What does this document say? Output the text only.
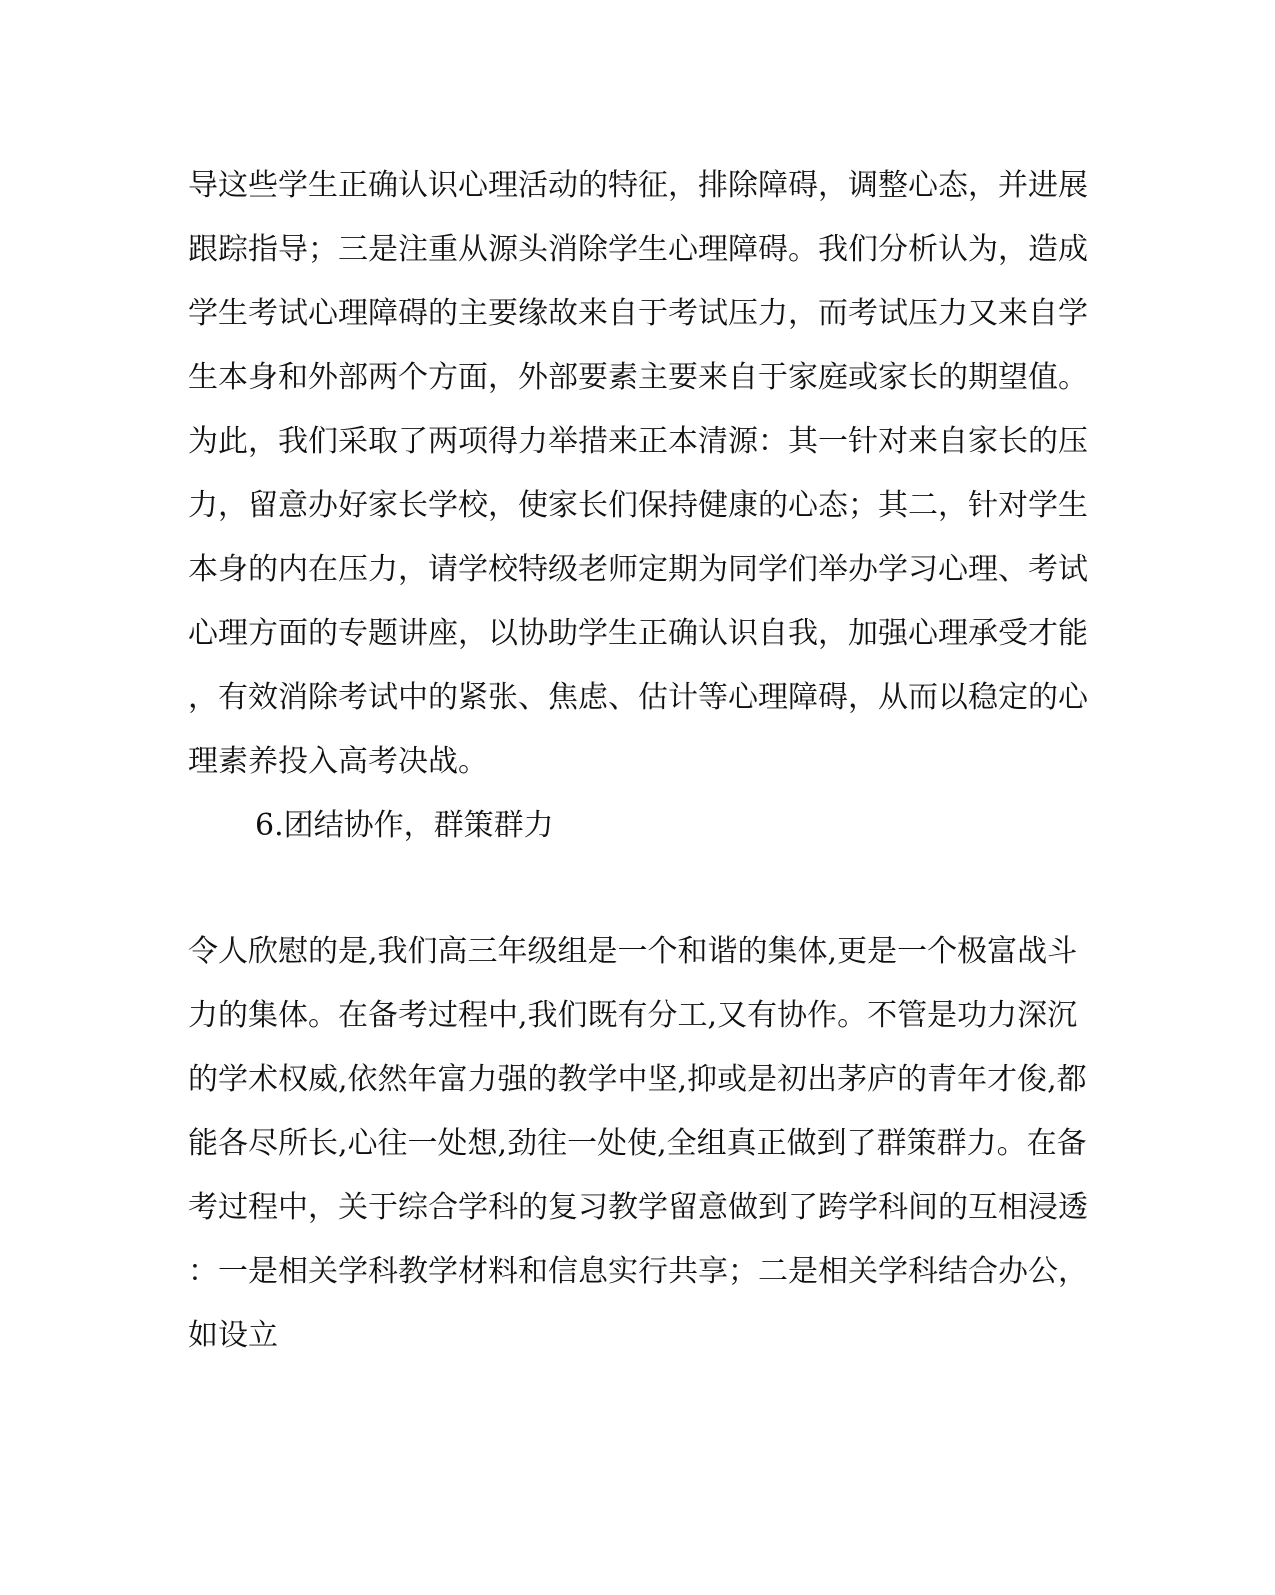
导这些学生正确认识心理活动的特征，排除障碍，调整心态，并进展
跟踪指导；三是注重从源头消除学生心理障碍。我们分析认为，造成
学生考试心理障碍的主要缘故来自于考试压力，而考试压力又来自学
生本身和外部两个方面，外部要素主要来自于家庭或家长的期望值。
为此，我们采取了两项得力举措来正本清源：其一针对来自家长的压
力，留意办好家长学校，使家长们保持健康的心态；其二，针对学生
本身的内在压力，请学校特级老师定期为同学们举办学习心理、考试
心理方面的专题讲座，以协助学生正确认识自我，加强心理承受才能
，有效消除考试中的紧张、焦虑、估计等心理障碍，从而以稳定的心
理素养投入高考决战。
6.团结协作，群策群力
令人欣慰的是,我们高三年级组是一个和谐的集体,更是一个极富战斗
力的集体。在备考过程中,我们既有分工,又有协作。不管是功力深沉
的学术权威,依然年富力强的教学中坚,抑或是初出茅庐的青年才俊,都
能各尽所长,心往一处想,劲往一处使,全组真正做到了群策群力。在备
考过程中，关于综合学科的复习教学留意做到了跨学科间的互相浸透
：一是相关学科教学材料和信息实行共享；二是相关学科结合办公，
如设立
